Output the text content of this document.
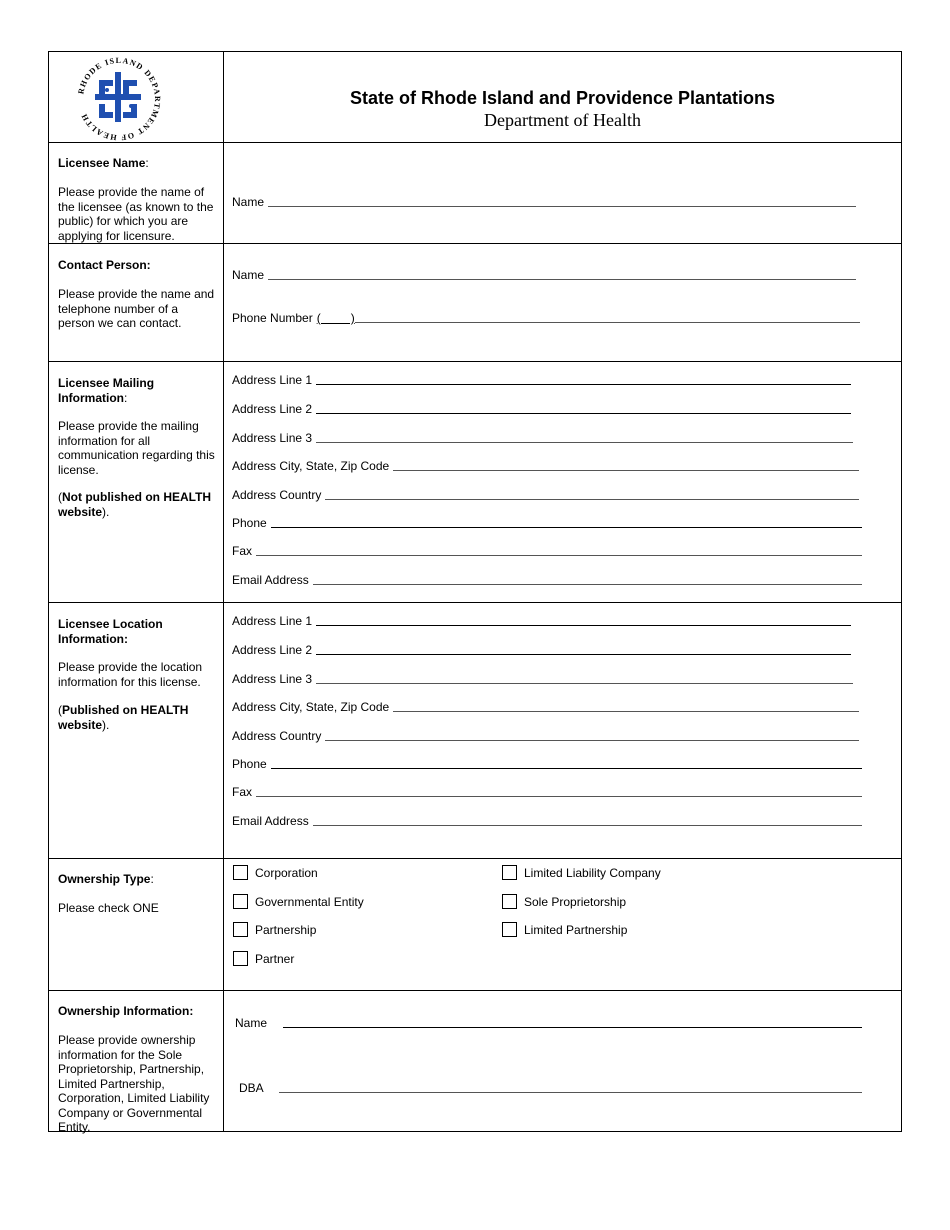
RHODE ISLAND DEPARTMENT OF HEALTH
State of Rhode Island and Providence Plantations
Department of Health
Licensee Name:
Please provide the name of the licensee (as known to the public) for which you are applying for licensure.
Name
Contact Person:
Please provide the name and telephone number of a person we can contact.
Name
Phone Number (         )
Licensee Mailing Information:
Please provide the mailing information for all communication regarding this license.
(Not published on HEALTH website).
Address Line 1
Address Line 2
Address Line 3
Address City, State, Zip Code
Address Country
Phone
Fax
Email Address
Licensee Location Information:
Please provide the location information for this license.
(Published on HEALTH website).
Address Line 1
Address Line 2
Address Line 3
Address City, State, Zip Code
Address Country
Phone
Fax
Email Address
Ownership Type:
Please check ONE
Corporation
Governmental Entity
Partnership
Partner
Limited Liability Company
Sole Proprietorship
Limited Partnership
Ownership Information:
Please provide ownership information for the Sole Proprietorship, Partnership, Limited Partnership, Corporation, Limited Liability Company or Governmental Entity.
Name
DBA
